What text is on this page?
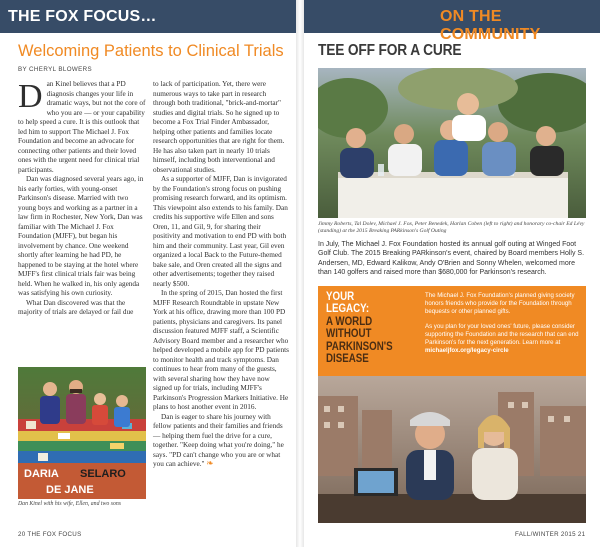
THE FOX FOCUS…	ON THE COMMUNITY
Welcoming Patients to Clinical Trials
BY CHERYL BLOWERS

Dan Kinel believes that a PD diagnosis changes your life in dramatic ways, but not the core of who you are — or your capability to help speed a cure. It is this outlook that led him to support The Michael J. Fox Foundation and become an advocate for connecting other patients and their loved ones with the urgent need for clinical trial participants.

Dan was diagnosed several years ago, in his early forties, with young-onset Parkinson's disease. Married with two young boys and working as a partner in a law firm in Rochester, New York, Dan was familiar with The Michael J. Fox Foundation (MJFF), but began his involvement by chance. One weekend shortly after learning he had PD, he happened to be staying at the hotel where MJFF's first clinical trials fair was being held. When he walked in, his only agenda was satisfying his own curiosity.

What Dan discovered was that the majority of trials are delayed or fail due

to lack of participation. Yet, there were numerous ways to take part in research through both traditional, "brick-and-mortar" studies and digital trials. So he signed up to become a Fox Trial Finder Ambassador, helping other patients and families locate research opportunities that are right for them. He has also taken part in nearly 10 trials himself, including both interventional and observational studies.

As a supporter of MJFF, Dan is invigorated by the Foundation's strong focus on pushing promising research forward, and its optimism. This viewpoint also extends to his family. Dan credits his supportive wife Ellen and sons Oren, 11, and Gil, 9, for sharing their positivity and motivation to end PD with both him and their community. Last year, Gil even organized a local Back to the Future-themed bake sale, and Oren created all the signs and other advertisements; together they raised nearly $500.

In the spring of 2015, Dan hosted the first MJFF Research Roundtable in upstate New York at his office, drawing more than 100 PD patients, physicians and caregivers. Its panel discussion featured MJFF staff, a Scientific Advisory Board member and a researcher who helped developed a mobile app for PD patients to monitor health and track symptoms. Dan continues to hear from many of the guests, with several sharing how they have now signed up for trials, including MJFF's Parkinson's Progression Markers Initiative. He plans to host another event in 2016.

Dan is eager to share his journey with fellow patients and their families and friends — helping them fuel the drive for a cure, together. "Keep doing what you're doing," he says. "PD can't change who you are or what you can achieve." ❧

DARIA SELARO
DE JANE
Dan Kinel with his wife, Ellen, and two sons
20 THE FOX FOCUS
TEE OFF FOR A CURE
Jimmy Roberts, Tal Dolev, Michael J. Fox, Peter Benedek, Harlan Coben (left to right) and honorary co-chair Ed Lévy (standing) at the 2015 Breaking PARkinson's Golf Outing
In July, The Michael J. Fox Foundation hosted its annual golf outing at Winged Foot Golf Club. The 2015 Breaking PARkinson's event, chaired by Board members Holly S. Andersen, MD, Edward Kalikow, Andy O'Brien and Sonny Whelen, welcomed more than 140 golfers and raised more than $680,000 for Parkinson's research.
YOUR LEGACY:
A WORLD
WITHOUT
PARKINSON'S
DISEASE

The Michael J. Fox Foundation's planned giving society honors friends who provide for the Foundation through bequests or other planned gifts.

As you plan for your loved ones' future, please consider supporting the Foundation and the research that can end Parkinson's for the next generation. Learn more at michaeljfox.org/legacy-circle

FALL/WINTER 2015 21
